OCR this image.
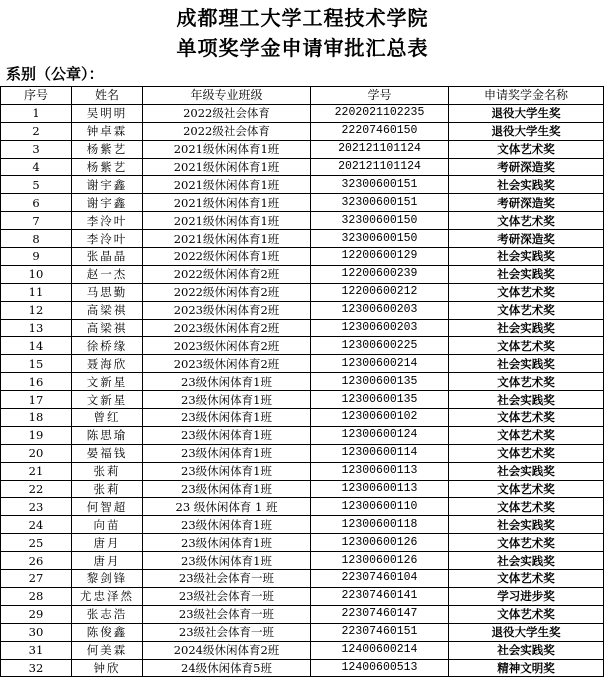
成都理工大学工程技术学院
单项奖学金申请审批汇总表
系别（公章）：
序号	姓名	年级专业班级	学号	申请奖学金名称
1	吴明明	2022级社会体育	2202021102235	退役大学生奖
2	钟卓霖	2022级社会体育	22207460150	退役大学生奖
3	杨紫艺	2021级休闲体育1班	202121101124	文体艺术奖
4	杨紫艺	2021级休闲体育1班	202121101124	考研深造奖
5	谢宇鑫	2021级休闲体育1班	32300600151	社会实践奖
6	谢宇鑫	2021级休闲体育1班	32300600151	考研深造奖
7	李泠叶	2021级休闲体育1班	32300600150	文体艺术奖
8	李泠叶	2021级休闲体育1班	32300600150	考研深造奖
9	张晶晶	2022级休闲体育1班	12200600129	社会实践奖
10	赵一杰	2022级休闲体育2班	12200600239	社会实践奖
11	马思勤	2022级休闲体育2班	12200600212	文体艺术奖
12	高梁祺	2023级休闲体育2班	12300600203	文体艺术奖
13	高梁祺	2023级休闲体育2班	12300600203	社会实践奖
14	徐桥缘	2023级休闲体育2班	12300600225	文体艺术奖
15	聂海欣	2023级休闲体育2班	12300600214	社会实践奖
16	文新星	23级休闲体育1班	12300600135	文体艺术奖
17	文新星	23级休闲体育1班	12300600135	社会实践奖
18	曾红	23级休闲体育1班	12300600102	文体艺术奖
19	陈思瑜	23级休闲体育1班	12300600124	文体艺术奖
20	晏福钱	23级休闲体育1班	12300600114	文体艺术奖
21	张莉	23级休闲体育1班	12300600113	社会实践奖
22	张莉	23级休闲体育1班	12300600113	文体艺术奖
23	何智超	23 级休闲体育 1 班	12300600110	文体艺术奖
24	向苗	23级休闲体育1班	12300600118	社会实践奖
25	唐月	23级休闲体育1班	12300600126	文体艺术奖
26	唐月	23级休闲体育1班	12300600126	社会实践奖
27	黎剑锋	23级社会体育一班	22307460104	文体艺术奖
28	尤忠泽然	23级社会体育一班	22307460141	学习进步奖
29	张志浩	23级社会体育一班	22307460147	文体艺术奖
30	陈俊鑫	23级社会体育一班	22307460151	退役大学生奖
31	何美霖	2024级休闲体育2班	12400600214	社会实践奖
32	钟欣	24级休闲体育5班	12400600513	精神文明奖
